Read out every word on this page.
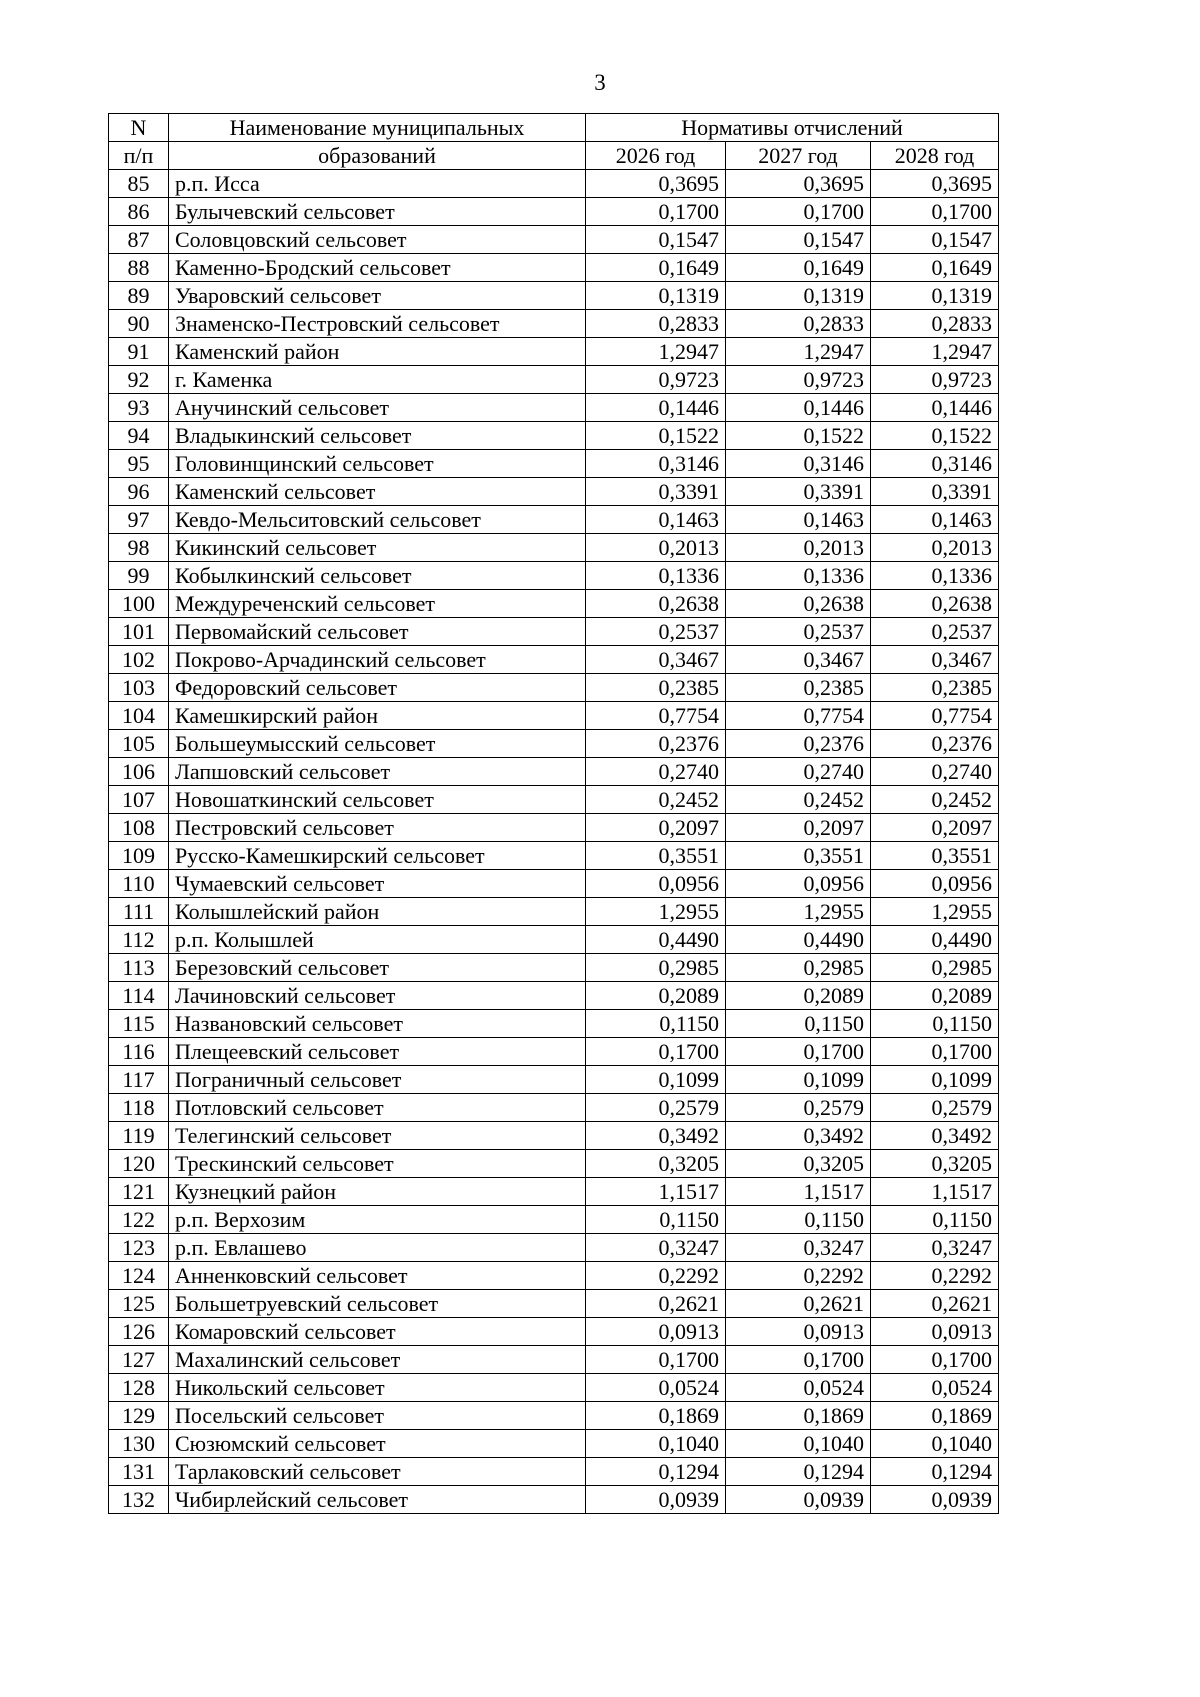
3
N	Наименование муниципальных	Нормативы отчислений		
п/п	образований	2026 год	2027 год	2028 год
85	р.п. Исса	0,3695	0,3695	0,3695
86	Булычевский сельсовет	0,1700	0,1700	0,1700
87	Соловцовский сельсовет	0,1547	0,1547	0,1547
88	Каменно-Бродский сельсовет	0,1649	0,1649	0,1649
89	Уваровский сельсовет	0,1319	0,1319	0,1319
90	Знаменско-Пестровский сельсовет	0,2833	0,2833	0,2833
91	Каменский район	1,2947	1,2947	1,2947
92	г. Каменка	0,9723	0,9723	0,9723
93	Анучинский сельсовет	0,1446	0,1446	0,1446
94	Владыкинский сельсовет	0,1522	0,1522	0,1522
95	Головинщинский сельсовет	0,3146	0,3146	0,3146
96	Каменский сельсовет	0,3391	0,3391	0,3391
97	Кевдо-Мельситовский сельсовет	0,1463	0,1463	0,1463
98	Кикинский сельсовет	0,2013	0,2013	0,2013
99	Кобылкинский сельсовет	0,1336	0,1336	0,1336
100	Междуреченский сельсовет	0,2638	0,2638	0,2638
101	Первомайский сельсовет	0,2537	0,2537	0,2537
102	Покрово-Арчадинский сельсовет	0,3467	0,3467	0,3467
103	Федоровский сельсовет	0,2385	0,2385	0,2385
104	Камешкирский район	0,7754	0,7754	0,7754
105	Большеумысский сельсовет	0,2376	0,2376	0,2376
106	Лапшовский сельсовет	0,2740	0,2740	0,2740
107	Новошаткинский сельсовет	0,2452	0,2452	0,2452
108	Пестровский сельсовет	0,2097	0,2097	0,2097
109	Русско-Камешкирский сельсовет	0,3551	0,3551	0,3551
110	Чумаевский сельсовет	0,0956	0,0956	0,0956
111	Колышлейский район	1,2955	1,2955	1,2955
112	р.п. Колышлей	0,4490	0,4490	0,4490
113	Березовский сельсовет	0,2985	0,2985	0,2985
114	Лачиновский сельсовет	0,2089	0,2089	0,2089
115	Названовский сельсовет	0,1150	0,1150	0,1150
116	Плещеевский сельсовет	0,1700	0,1700	0,1700
117	Пограничный сельсовет	0,1099	0,1099	0,1099
118	Потловский сельсовет	0,2579	0,2579	0,2579
119	Телегинский сельсовет	0,3492	0,3492	0,3492
120	Трескинский сельсовет	0,3205	0,3205	0,3205
121	Кузнецкий район	1,1517	1,1517	1,1517
122	р.п. Верхозим	0,1150	0,1150	0,1150
123	р.п. Евлашево	0,3247	0,3247	0,3247
124	Анненковский сельсовет	0,2292	0,2292	0,2292
125	Большетруевский сельсовет	0,2621	0,2621	0,2621
126	Комаровский сельсовет	0,0913	0,0913	0,0913
127	Махалинский сельсовет	0,1700	0,1700	0,1700
128	Никольский сельсовет	0,0524	0,0524	0,0524
129	Посельский сельсовет	0,1869	0,1869	0,1869
130	Сюзюмский сельсовет	0,1040	0,1040	0,1040
131	Тарлаковский сельсовет	0,1294	0,1294	0,1294
132	Чибирлейский сельсовет	0,0939	0,0939	0,0939
